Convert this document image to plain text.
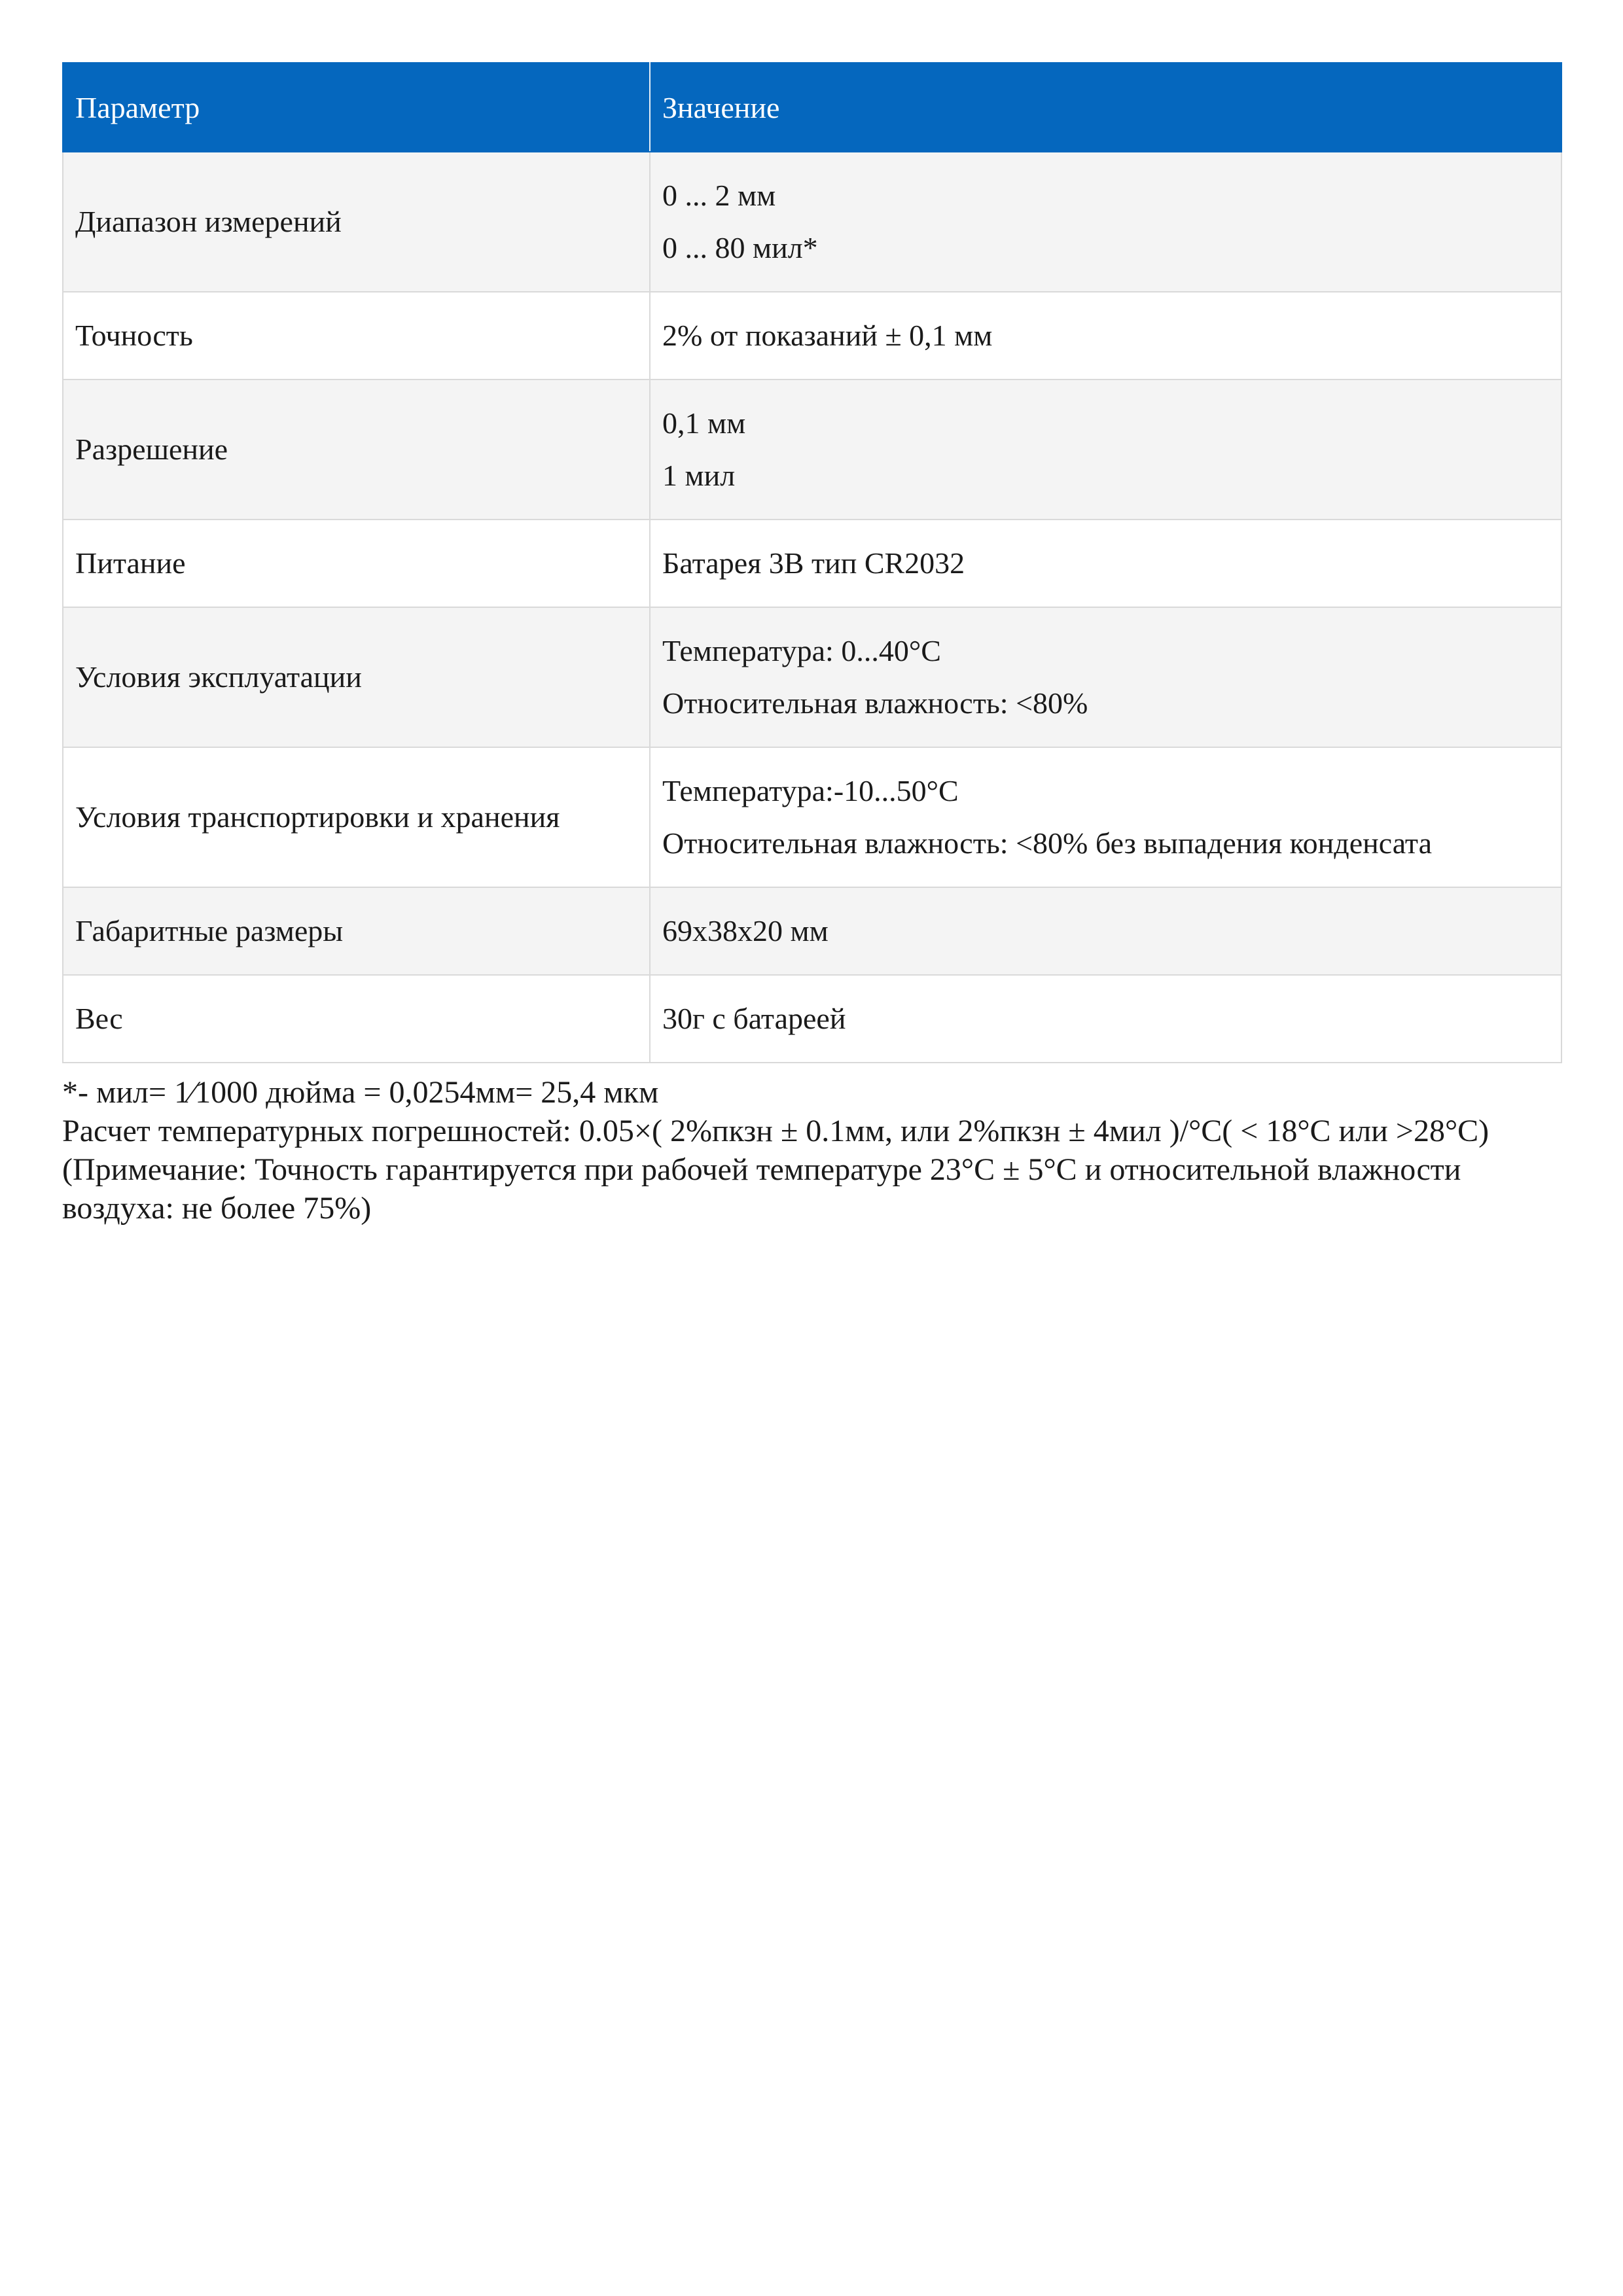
Параметр	Значение
Диапазон измерений	0 ... 2 мм
0 ... 80 мил*

Точность	2% от показаний ± 0,1 мм

Разрешение	0,1 мм
1 мил

Питание	Батарея 3В тип CR2032

Условия эксплуатации	Температура: 0...40°C
Относительная влажность: <80%

Условия транспортировки и хранения	Температура:-10...50°C
Относительная влажность: <80% без выпадения конденсата

Габаритные размеры	69х38х20 мм

Вес	30г с батареей

*- мил= 1⁄1000 дюйма = 0,0254мм= 25,4 мкм

Расчет температурных погрешностей: 0.05×( 2%пкзн ± 0.1мм, или 2%пкзн ± 4мил )/°C( < 18°C или >28°C)

(Примечание: Точность гарантируется при рабочей температуре 23°C ± 5°C и относительной влажности воздуха: не более 75%)
